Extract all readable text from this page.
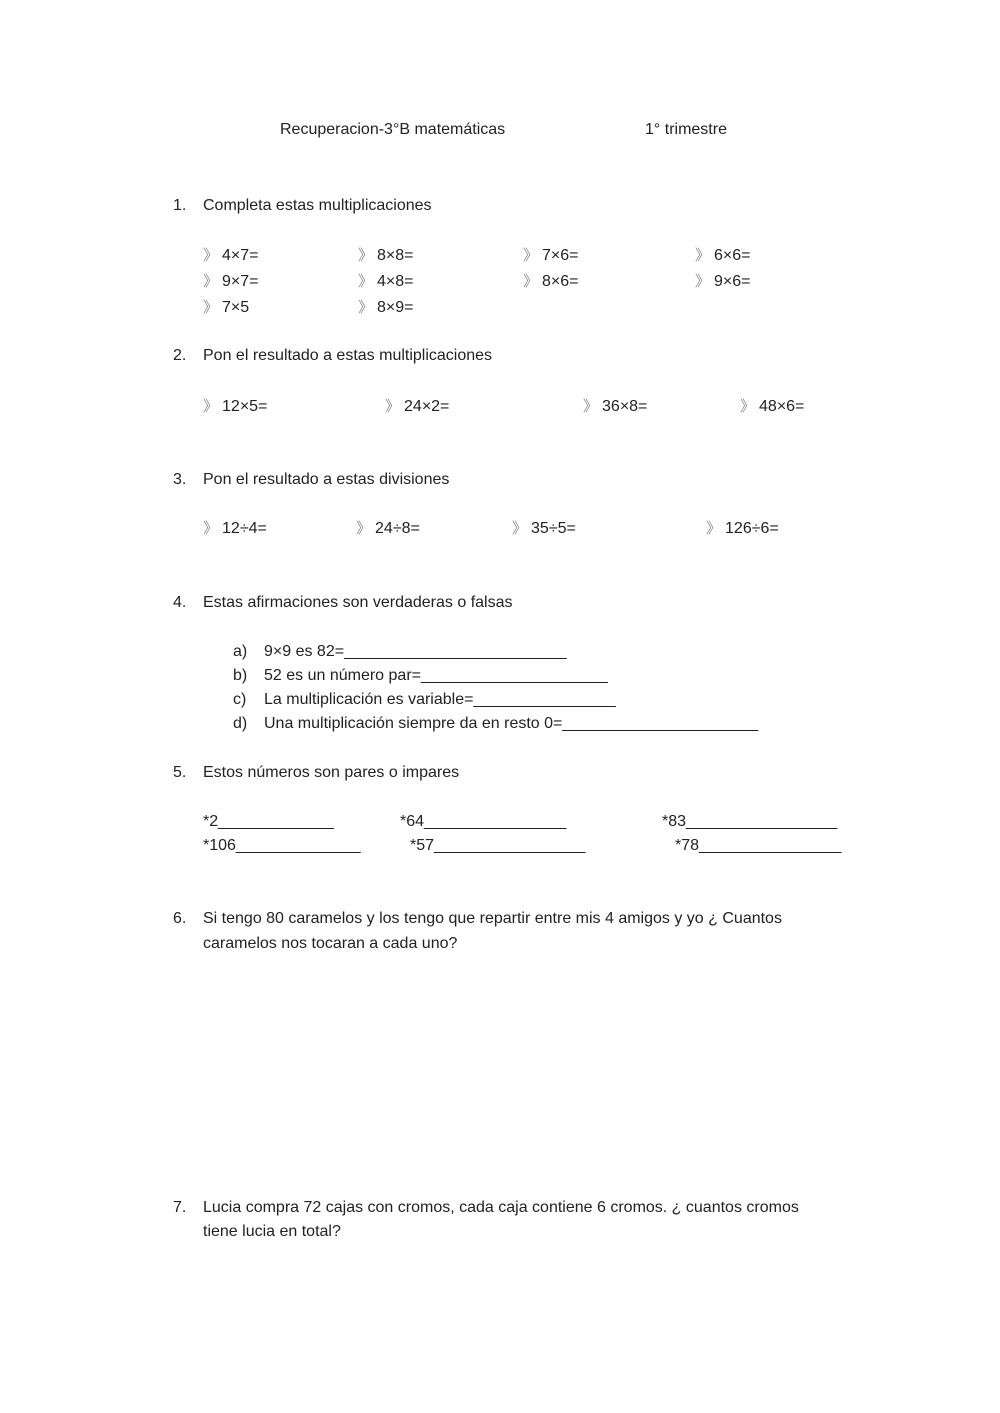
Recuperacion-3°B matemáticas	1° trimestre
1. Completa estas multiplicaciones
》 4×7=	》 8×8=	》 7×6=	》 6×6=
》 9×7=	》 4×8=	》 8×6=	》 9×6=
》 7×5	》 8×9=
2. Pon el resultado a estas multiplicaciones
》 12×5=	》 24×2=	》 36×8=	》 48×6=
3. Pon el resultado a estas divisiones
》 12÷4=	》 24÷8=	》 35÷5=	》 126÷6=
4. Estas afirmaciones son verdaderas o falsas
a) 9×9 es 82=_________________________
b) 52 es un número par=_____________________
c) La multiplicación es variable=________________
d) Una multiplicación siempre da en resto 0=______________________
5. Estos números son pares o impares
*2_____________	*64________________	*83_________________
*106______________	*57_________________	*78________________
6. Si tengo 80 caramelos y los tengo que repartir entre mis 4 amigos y yo ¿ Cuantos
caramelos nos tocaran a cada uno?
7. Lucia compra 72 cajas con cromos, cada caja contiene 6 cromos. ¿ cuantos cromos
tiene lucia en total?
